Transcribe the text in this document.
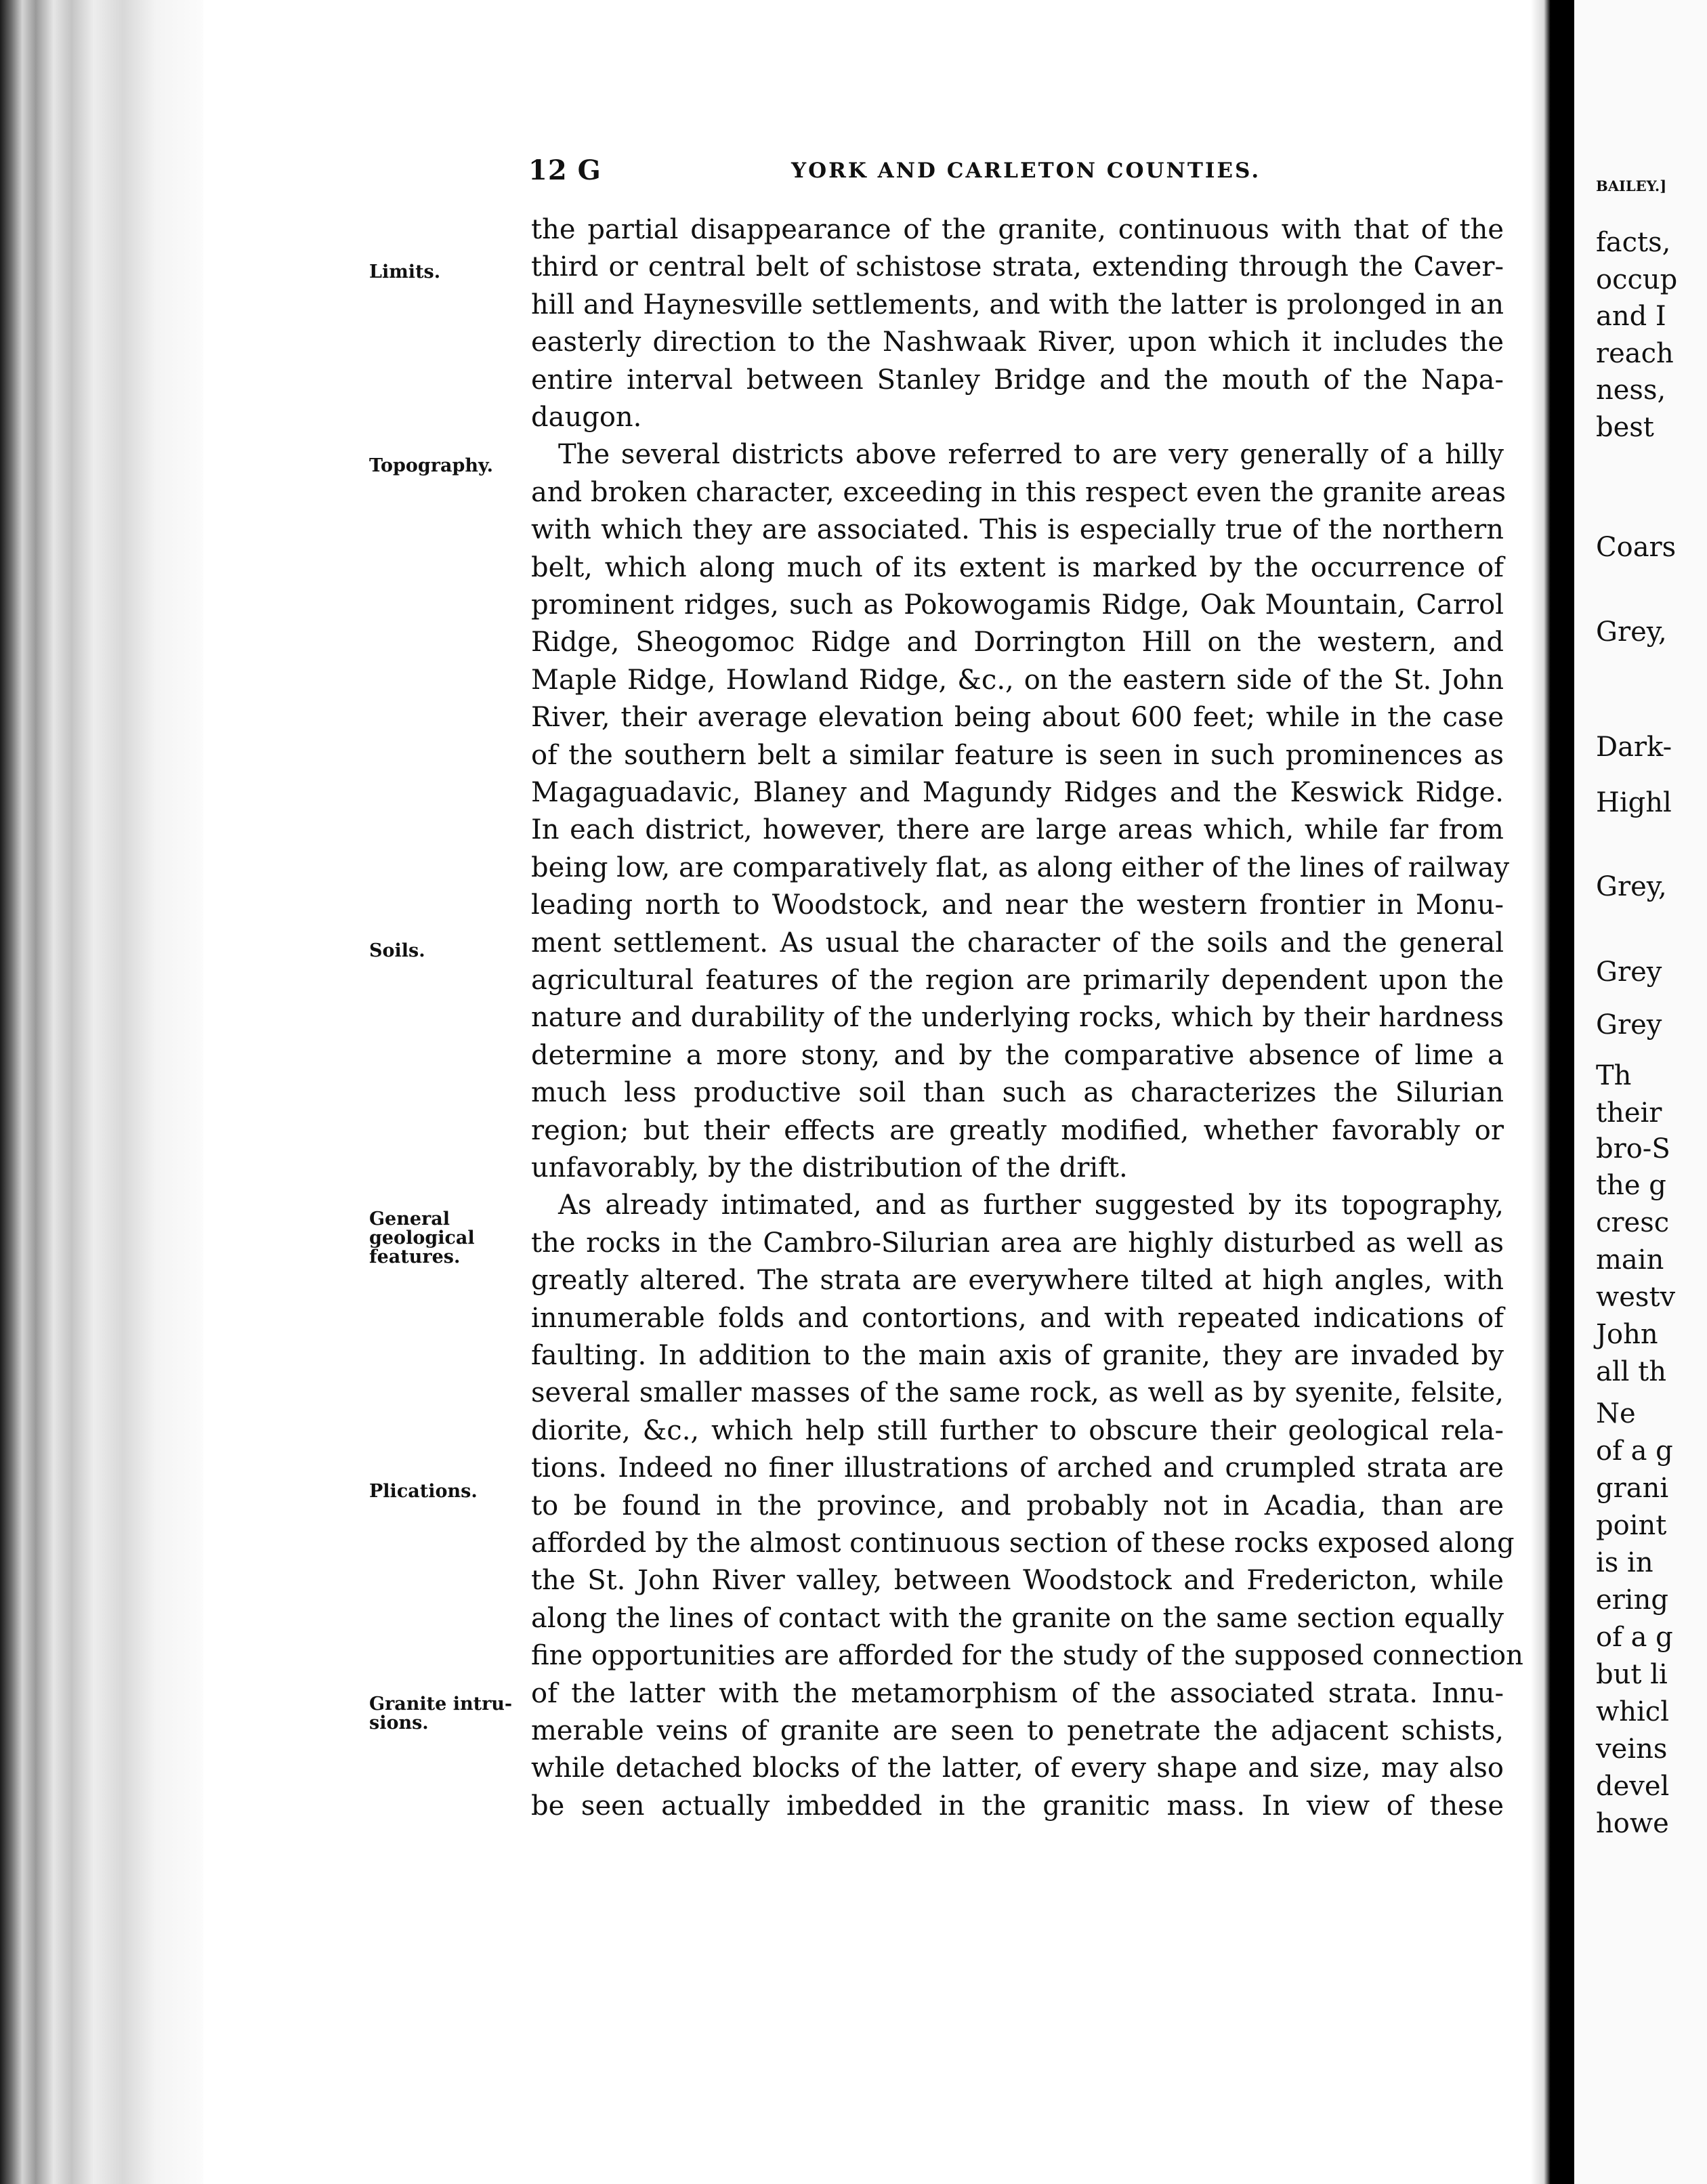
BAILEY.]
facts,
occup
and I
reach
ness,
best
Coars
Grey,
Dark-
Highl
Grey,
Grey
Grey
Th
their
bro-S
the g
cresc
main
westv
John
all th
Ne
of a g
grani
point
is in
ering
of a g
but li
whicl
veins
devel
howe
12 G	YORK AND CARLETON COUNTIES.
Limits.
Topography.
Soils.
General
geological
features.
Plications.
Granite intru-
sions.
the partial disappearance of the granite, continuous with that of the
third or central belt of schistose strata, extending through the Caver-
hill and Haynesville settlements, and with the latter is prolonged in an
easterly direction to the Nashwaak River, upon which it includes the
entire interval between Stanley Bridge and the mouth of the Napa-
daugon.
The several districts above referred to are very generally of a hilly
and broken character, exceeding in this respect even the granite areas
with which they are associated. This is especially true of the northern
belt, which along much of its extent is marked by the occurrence of
prominent ridges, such as Pokowogamis Ridge, Oak Mountain, Carrol
Ridge, Sheogomoc Ridge and Dorrington Hill on the western, and
Maple Ridge, Howland Ridge, &c., on the eastern side of the St. John
River, their average elevation being about 600 feet; while in the case
of the southern belt a similar feature is seen in such prominences as
Magaguadavic, Blaney and Magundy Ridges and the Keswick Ridge.
In each district, however, there are large areas which, while far from
being low, are comparatively flat, as along either of the lines of railway
leading north to Woodstock, and near the western frontier in Monu-
ment settlement. As usual the character of the soils and the general
agricultural features of the region are primarily dependent upon the
nature and durability of the underlying rocks, which by their hardness
determine a more stony, and by the comparative absence of lime a
much less productive soil than such as characterizes the Silurian
region; but their effects are greatly modified, whether favorably or
unfavorably, by the distribution of the drift.
As already intimated, and as further suggested by its topography,
the rocks in the Cambro-Silurian area are highly disturbed as well as
greatly altered. The strata are everywhere tilted at high angles, with
innumerable folds and contortions, and with repeated indications of
faulting. In addition to the main axis of granite, they are invaded by
several smaller masses of the same rock, as well as by syenite, felsite,
diorite, &c., which help still further to obscure their geological rela-
tions. Indeed no finer illustrations of arched and crumpled strata are
to be found in the province, and probably not in Acadia, than are
afforded by the almost continuous section of these rocks exposed along
the St. John River valley, between Woodstock and Fredericton, while
along the lines of contact with the granite on the same section equally
fine opportunities are afforded for the study of the supposed connection
of the latter with the metamorphism of the associated strata. Innu-
merable veins of granite are seen to penetrate the adjacent schists,
while detached blocks of the latter, of every shape and size, may also
be seen actually imbedded in the granitic mass. In view of these
